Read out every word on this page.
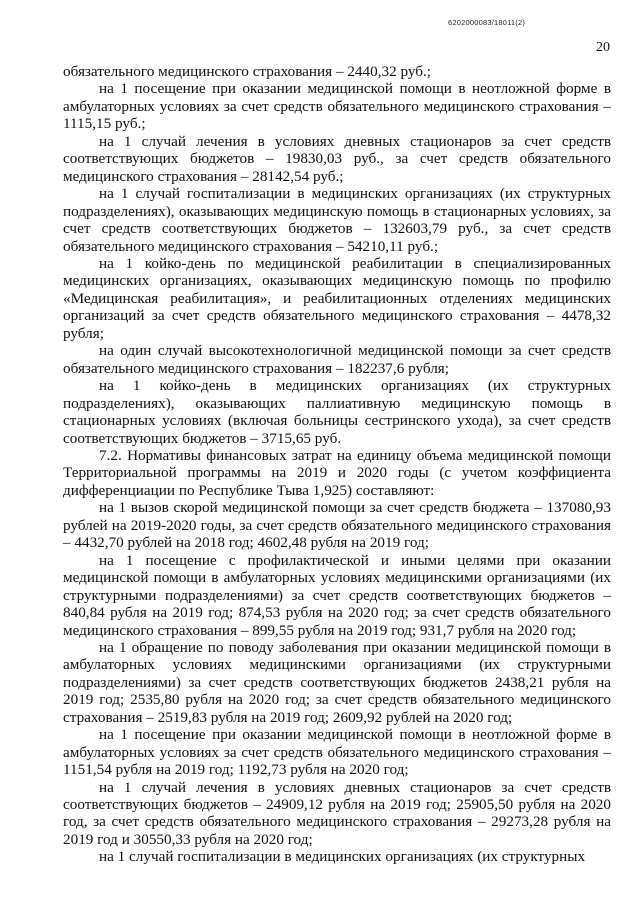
6202000083/18011(2)
20

обязательного медицинского страхования – 2440,32 руб.;

на 1 посещение при оказании медицинской помощи в неотложной форме в амбулаторных условиях за счет средств обязательного медицинского страхования – 1115,15 руб.;

на 1 случай лечения в условиях дневных стационаров за счет средств соответствующих бюджетов – 19830,03 руб., за счет средств обязательного медицинского страхования – 28142,54 руб.;

на 1 случай госпитализации в медицинских организациях (их структурных подразделениях), оказывающих медицинскую помощь в стационарных условиях, за счет средств соответствующих бюджетов – 132603,79 руб., за счет средств обязательного медицинского страхования – 54210,11 руб.;

на 1 койко-день по медицинской реабилитации в специализированных медицинских организациях, оказывающих медицинскую помощь по профилю «Медицинская реабилитация», и реабилитационных отделениях медицинских организаций за счет средств обязательного медицинского страхования – 4478,32 рубля;

на один случай высокотехнологичной медицинской помощи за счет средств обязательного медицинского страхования – 182237,6 рубля;

на 1 койко-день в медицинских организациях (их структурных подразделениях), оказывающих паллиативную медицинскую помощь в стационарных условиях (включая больницы сестринского ухода), за счет средств соответствующих бюджетов – 3715,65 руб.

7.2. Нормативы финансовых затрат на единицу объема медицинской помощи Территориальной программы на 2019 и 2020 годы (с учетом коэффициента дифференциации по Республике Тыва 1,925) составляют:

на 1 вызов скорой медицинской помощи за счет средств бюджета – 137080,93 рублей на 2019-2020 годы, за счет средств обязательного медицинского страхования – 4432,70 рублей на 2018 год; 4602,48 рубля на 2019 год;

на 1 посещение с профилактической и иными целями при оказании медицинской помощи в амбулаторных условиях медицинскими организациями (их структурными подразделениями) за счет средств соответствующих бюджетов – 840,84 рубля на 2019 год; 874,53 рубля на 2020 год; за счет средств обязательного медицинского страхования – 899,55 рубля на 2019 год; 931,7 рубля на 2020 год;

на 1 обращение по поводу заболевания при оказании медицинской помощи в амбулаторных условиях медицинскими организациями (их структурными подразделениями) за счет средств соответствующих бюджетов 2438,21 рубля на 2019 год; 2535,80 рубля на 2020 год; за счет средств обязательного медицинского страхования – 2519,83 рубля на 2019 год; 2609,92 рублей на 2020 год;

на 1 посещение при оказании медицинской помощи в неотложной форме в амбулаторных условиях за счет средств обязательного медицинского страхования – 1151,54 рубля на 2019 год; 1192,73 рубля на 2020 год;

на 1 случай лечения в условиях дневных стационаров за счет средств соответствующих бюджетов – 24909,12 рубля на 2019 год; 25905,50 рубля на 2020 год, за счет средств обязательного медицинского страхования – 29273,28 рубля на 2019 год и 30550,33 рубля на 2020 год;

на 1 случай госпитализации в медицинских организациях (их структурных
